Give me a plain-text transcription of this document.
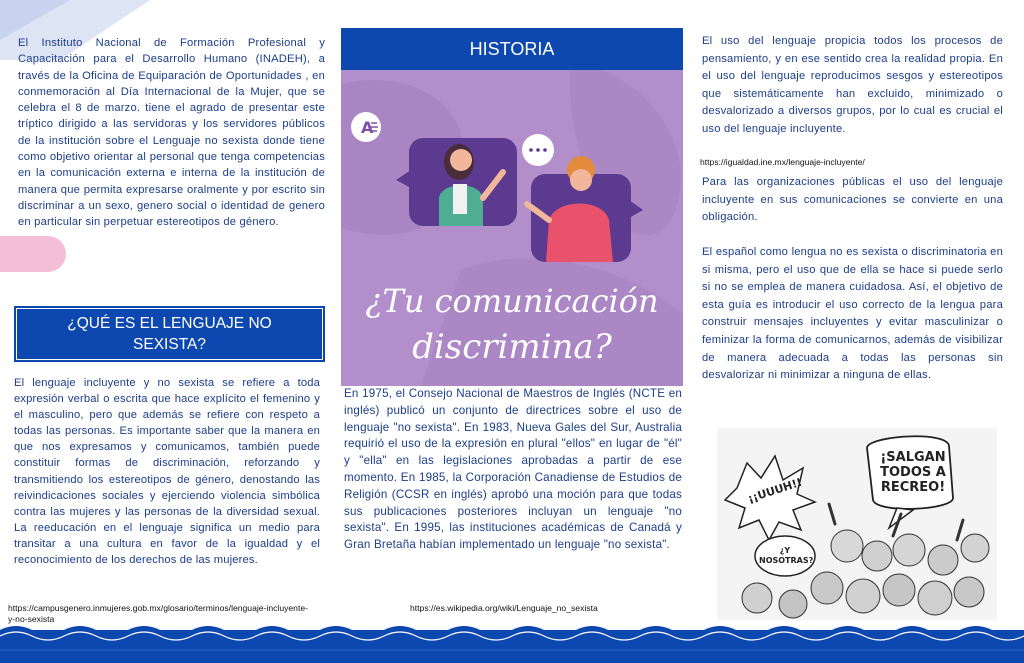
El Instituto Nacional de Formación Profesional y Capacitación para el Desarrollo Humano (INADEH), a través de la Oficina de Equiparación de Oportunidades , en conmemoración al Día Internacional de la Mujer, que se celebra el 8 de marzo. tiene el agrado de presentar este tríptico dirigido a las servidoras y los servidores públicos de la institución sobre el Lenguaje no sexista donde tiene como objetivo orientar al personal que tenga competencias en la comunicación externa e interna de la institución de manera que permita expresarse oralmente y por escrito sin discriminar a un sexo, genero social o identidad de genero en particular sin perpetuar estereotipos de género.

¿QUÉ ES EL LENGUAJE NO SEXISTA?

El lenguaje incluyente y no sexista se refiere a toda expresión verbal o escrita que hace explícito el femenino y el masculino, pero que además se refiere con respeto a todas las personas. Es importante saber que la manera en que nos expresamos y comunicamos, también puede constituir formas de discriminación, reforzando y transmitiendo los estereotipos de género, denostando las reivindicaciones sociales y ejerciendo violencia simbólica contra las mujeres y las personas de la diversidad sexual. La reeducación en el lenguaje significa un medio para transitar a una cultura en favor de la igualdad y el reconocimiento de los derechos de las mujeres.

https://campusgenero.inmujeres.gob.mx/glosario/terminos/lenguaje-incluyente-y-no-sexista

HISTORIA
A
¿Tu comunicación
discrimina?

En 1975, el Consejo Nacional de Maestros de Inglés (NCTE en inglés) publicó un conjunto de directrices sobre el uso de lenguaje "no sexista". En 1983, Nueva Gales del Sur, Australia requirió el uso de la expresión en plural "ellos" en lugar de "él" y "ella" en las legislaciones aprobadas a partir de ese momento. En 1985, la Corporación Canadiense de Estudios de Religión (CCSR en inglés) aprobó una moción para que todas sus publicaciones posteriores incluyan un lenguaje "no sexista". En 1995, las instituciones académicas de Canadá y Gran Bretaña habían implementado un lenguaje "no sexista".

https://es.wikipedia.org/wiki/Lenguaje_no_sexista

El uso del lenguaje propicia todos los procesos de pensamiento, y en ese sentido crea la realidad propia. En el uso del lenguaje reproducimos sesgos y estereotipos que sistemáticamente han excluido, minimizado o desvalorizado a diversos grupos, por lo cual es crucial el uso del lenguaje incluyente.

https://igualdad.ine.mx/lenguaje-incluyente/

Para las organizaciones públicas el uso del lenguaje incluyente en sus comunicaciones se convierte en una obligación.

El español como lengua no es sexista o discriminatoria en si misma, pero el uso que de ella se hace si puede serlo si no se emplea de manera cuidadosa. Así, el objetivo de esta guía es introducir el uso correcto de la lengua para construir mensajes incluyentes y evitar masculinizar o feminizar la forma de comunicarnos, además de visibilizar de manera adecuada a todas las personas sin desvalorizar ni minimizar a ninguna de ellas.

¡SALGAN TODOS A RECREO!
¡¡UUUH!!
¿Y NOSOTRAS?
